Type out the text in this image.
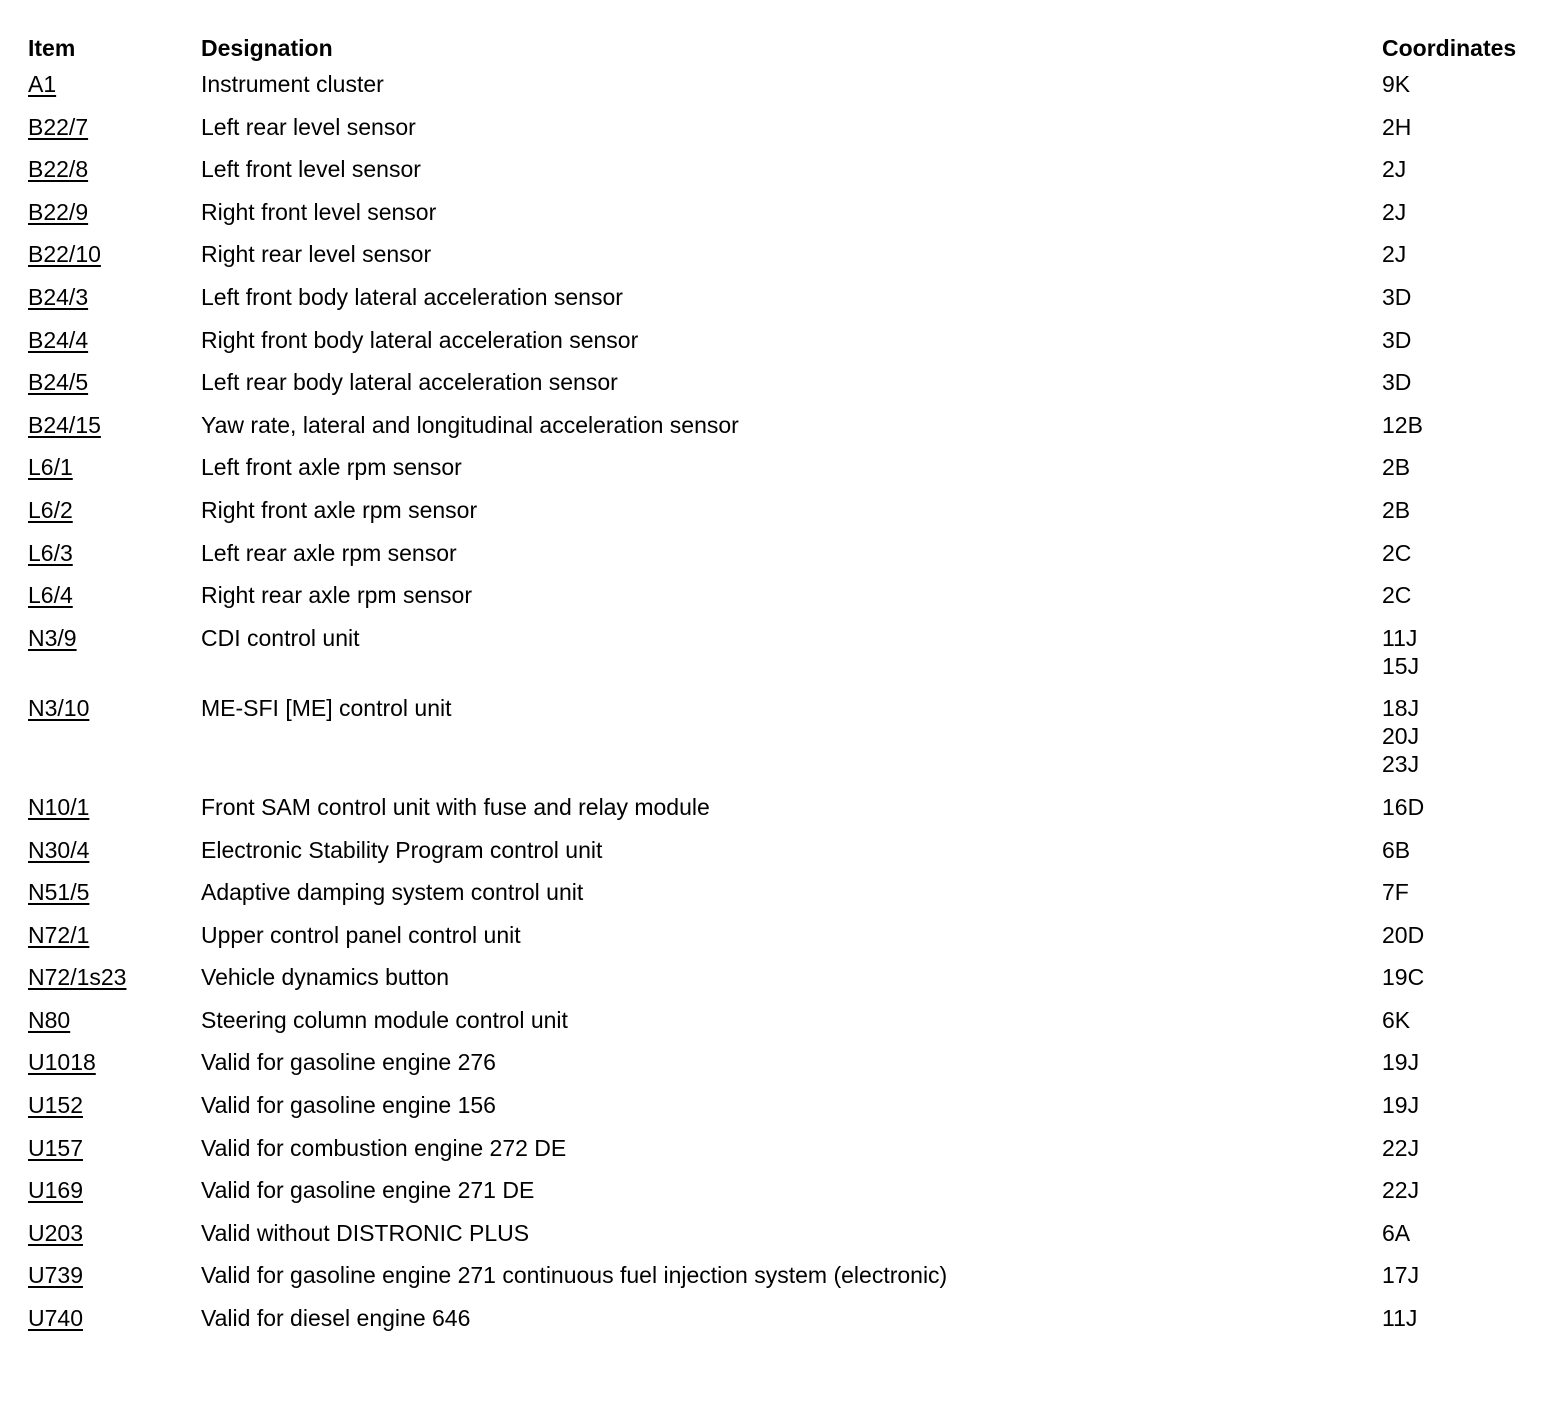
Item	Designation	Coordinates
A1	Instrument cluster	9K
B22/7	Left rear level sensor	2H
B22/8	Left front level sensor	2J
B22/9	Right front level sensor	2J
B22/10	Right rear level sensor	2J
B24/3	Left front body lateral acceleration sensor	3D
B24/4	Right front body lateral acceleration sensor	3D
B24/5	Left rear body lateral acceleration sensor	3D
B24/15	Yaw rate, lateral and longitudinal acceleration sensor	12B
L6/1	Left front axle rpm sensor	2B
L6/2	Right front axle rpm sensor	2B
L6/3	Left rear axle rpm sensor	2C
L6/4	Right rear axle rpm sensor	2C
N3/9	CDI control unit	11J
15J
N3/10	ME-SFI [ME] control unit	18J
20J
23J
N10/1	Front SAM control unit with fuse and relay module	16D
N30/4	Electronic Stability Program control unit	6B
N51/5	Adaptive damping system control unit	7F
N72/1	Upper control panel control unit	20D
N72/1s23	Vehicle dynamics button	19C
N80	Steering column module control unit	6K
U1018	Valid for gasoline engine 276	19J
U152	Valid for gasoline engine 156	19J
U157	Valid for combustion engine 272 DE	22J
U169	Valid for gasoline engine 271 DE	22J
U203	Valid without DISTRONIC PLUS	6A
U739	Valid for gasoline engine 271 continuous fuel injection system (electronic)	17J
U740	Valid for diesel engine 646	11J
